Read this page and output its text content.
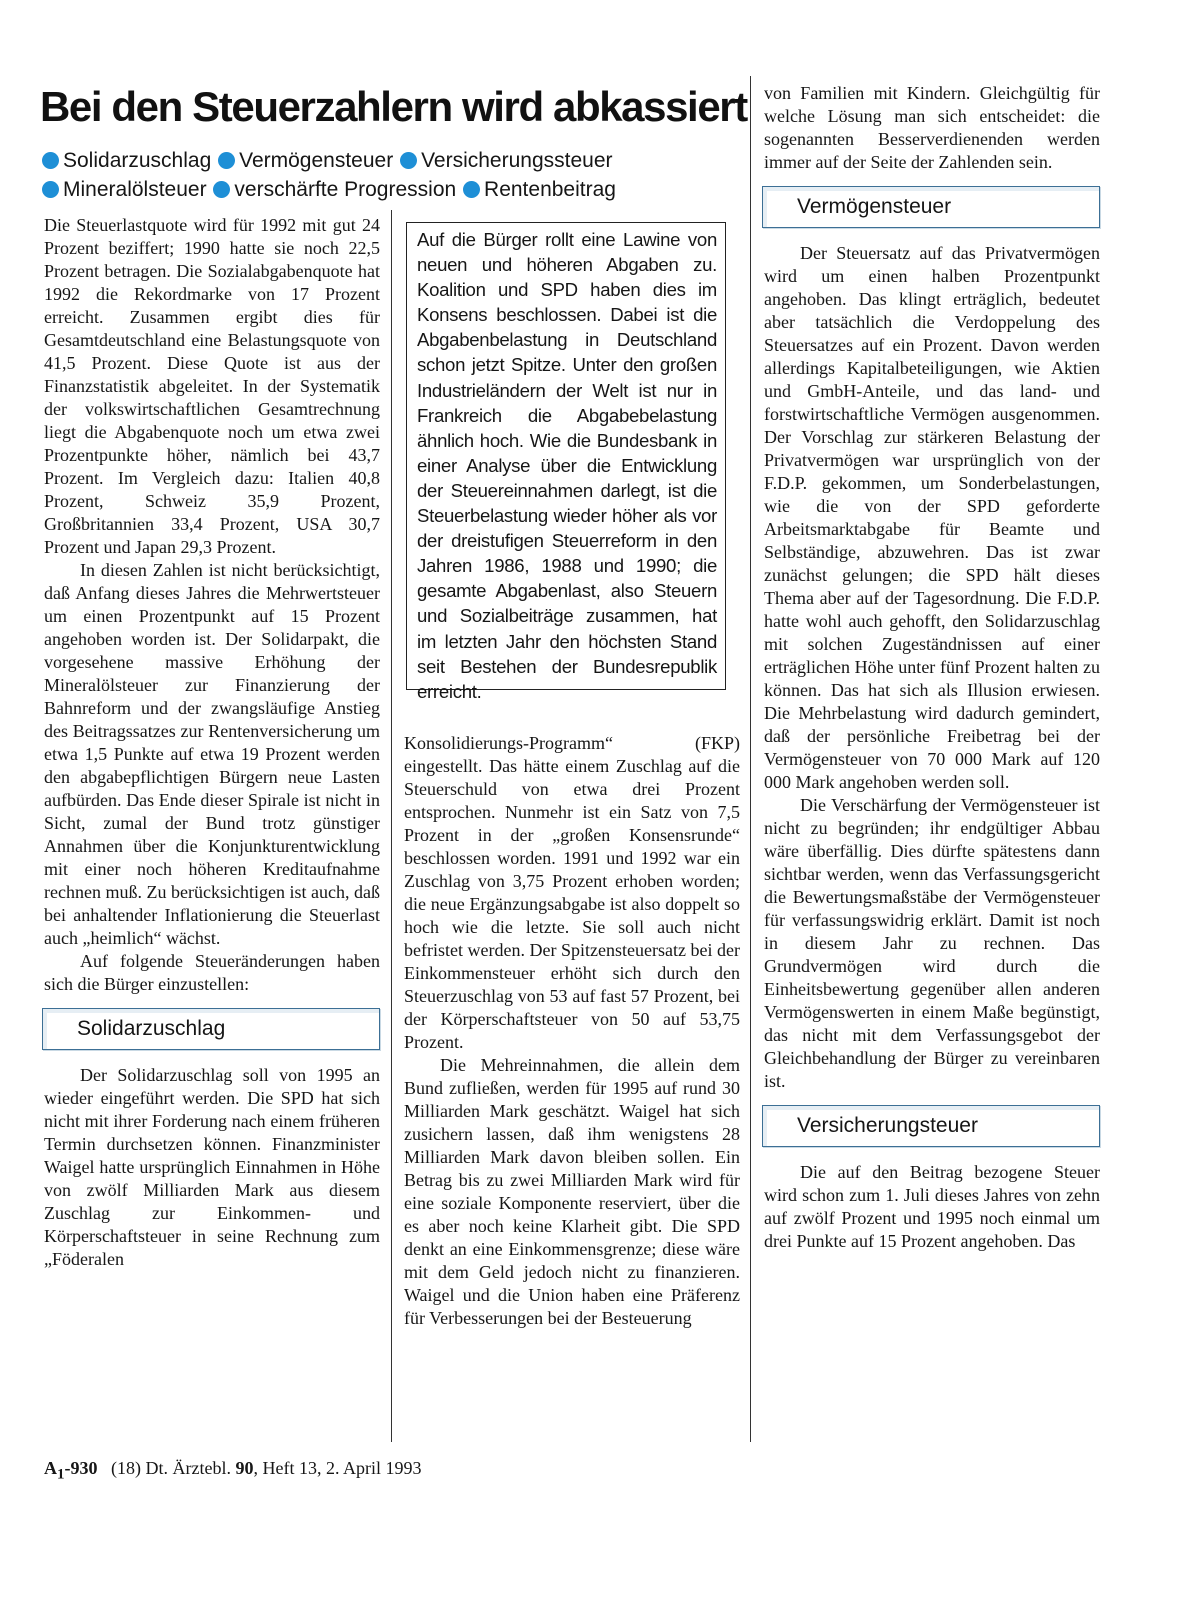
Bei den Steuerzahlern wird abkassiert
Solidarzuschlag Vermögensteuer Versicherungssteuer
Mineralölsteuer verschärfte Progression Rentenbeitrag

Die Steuerlastquote wird für 1992 mit gut 24 Prozent beziffert; 1990 hatte sie noch 22,5 Prozent betragen. Die Sozialabgabenquote hat 1992 die Rekordmarke von 17 Prozent erreicht. Zusammen ergibt dies für Gesamtdeutschland eine Belastungsquote von 41,5 Prozent. Diese Quote ist aus der Finanzstatistik abgeleitet. In der Systematik der volkswirtschaftlichen Gesamtrechnung liegt die Abgabenquote noch um etwa zwei Prozentpunkte höher, nämlich bei 43,7 Prozent. Im Vergleich dazu: Italien 40,8 Prozent, Schweiz 35,9 Prozent, Großbritannien 33,4 Prozent, USA 30,7 Prozent und Japan 29,3 Prozent.

In diesen Zahlen ist nicht berücksichtigt, daß Anfang dieses Jahres die Mehrwertsteuer um einen Prozentpunkt auf 15 Prozent angehoben worden ist. Der Solidarpakt, die vorgesehene massive Erhöhung der Mineralölsteuer zur Finanzierung der Bahnreform und der zwangsläufige Anstieg des Beitragssatzes zur Rentenversicherung um etwa 1,5 Punkte auf etwa 19 Prozent werden den abgabepflichtigen Bürgern neue Lasten aufbürden. Das Ende dieser Spirale ist nicht in Sicht, zumal der Bund trotz günstiger Annahmen über die Konjunkturentwicklung mit einer noch höheren Kreditaufnahme rechnen muß. Zu berücksichtigen ist auch, daß bei anhaltender Inflationierung die Steuerlast auch „heimlich“ wächst.

Auf folgende Steueränderungen haben sich die Bürger einzustellen:

Solidarzuschlag

Der Solidarzuschlag soll von 1995 an wieder eingeführt werden. Die SPD hat sich nicht mit ihrer Forderung nach einem früheren Termin durchsetzen können. Finanzminister Waigel hatte ursprünglich Einnahmen in Höhe von zwölf Milliarden Mark aus diesem Zuschlag zur Einkommen- und Körperschaftsteuer in seine Rechnung zum „Föderalen

Auf die Bürger rollt eine Lawine von neuen und höheren Abgaben zu. Koalition und SPD haben dies im Konsens beschlossen. Dabei ist die Abgabenbelastung in Deutschland schon jetzt Spitze. Unter den großen Industrieländern der Welt ist nur in Frankreich die Abgabebelastung ähnlich hoch. Wie die Bundesbank in einer Analyse über die Entwicklung der Steuereinnahmen darlegt, ist die Steuerbelastung wieder höher als vor der dreistufigen Steuerreform in den Jahren 1986, 1988 und 1990; die gesamte Abgabenlast, also Steuern und Sozialbeiträge zusammen, hat im letzten Jahr den höchsten Stand seit Bestehen der Bundesrepublik erreicht.

Konsolidierungs-Programm“ (FKP) eingestellt. Das hätte einem Zuschlag auf die Steuerschuld von etwa drei Prozent entsprochen. Nunmehr ist ein Satz von 7,5 Prozent in der „großen Konsensrunde“ beschlossen worden. 1991 und 1992 war ein Zuschlag von 3,75 Prozent erhoben worden; die neue Ergänzungsabgabe ist also doppelt so hoch wie die letzte. Sie soll auch nicht befristet werden. Der Spitzensteuersatz bei der Einkommensteuer erhöht sich durch den Steuerzuschlag von 53 auf fast 57 Prozent, bei der Körperschaftsteuer von 50 auf 53,75 Prozent.

Die Mehreinnahmen, die allein dem Bund zufließen, werden für 1995 auf rund 30 Milliarden Mark geschätzt. Waigel hat sich zusichern lassen, daß ihm wenigstens 28 Milliarden Mark davon bleiben sollen. Ein Betrag bis zu zwei Milliarden Mark wird für eine soziale Komponente reserviert, über die es aber noch keine Klarheit gibt. Die SPD denkt an eine Einkommensgrenze; diese wäre mit dem Geld jedoch nicht zu finanzieren. Waigel und die Union haben eine Präferenz für Verbesserungen bei der Besteuerung

von Familien mit Kindern. Gleichgültig für welche Lösung man sich entscheidet: die sogenannten Besserverdienenden werden immer auf der Seite der Zahlenden sein.

Vermögensteuer

Der Steuersatz auf das Privatvermögen wird um einen halben Prozentpunkt angehoben. Das klingt erträglich, bedeutet aber tatsächlich die Verdoppelung des Steuersatzes auf ein Prozent. Davon werden allerdings Kapitalbeteiligungen, wie Aktien und GmbH-Anteile, und das land- und forstwirtschaftliche Vermögen ausgenommen. Der Vorschlag zur stärkeren Belastung der Privatvermögen war ursprünglich von der F.D.P. gekommen, um Sonderbelastungen, wie die von der SPD geforderte Arbeitsmarktabgabe für Beamte und Selbständige, abzuwehren. Das ist zwar zunächst gelungen; die SPD hält dieses Thema aber auf der Tagesordnung. Die F.D.P. hatte wohl auch gehofft, den Solidarzuschlag mit solchen Zugeständnissen auf einer erträglichen Höhe unter fünf Prozent halten zu können. Das hat sich als Illusion erwiesen. Die Mehrbelastung wird dadurch gemindert, daß der persönliche Freibetrag bei der Vermögensteuer von 70 000 Mark auf 120 000 Mark angehoben werden soll.

Die Verschärfung der Vermögensteuer ist nicht zu begründen; ihr endgültiger Abbau wäre überfällig. Dies dürfte spätestens dann sichtbar werden, wenn das Verfassungsgericht die Bewertungsmaßstäbe der Vermögensteuer für verfassungswidrig erklärt. Damit ist noch in diesem Jahr zu rechnen. Das Grundvermögen wird durch die Einheitsbewertung gegenüber allen anderen Vermögenswerten in einem Maße begünstigt, das nicht mit dem Verfassungsgebot der Gleichbehandlung der Bürger zu vereinbaren ist.

Versicherungsteuer

Die auf den Beitrag bezogene Steuer wird schon zum 1. Juli dieses Jahres von zehn auf zwölf Prozent und 1995 noch einmal um drei Punkte auf 15 Prozent angehoben. Das

$A_1-930$ (18) Dt. Ärztebl. 90, Heft 13, 2. April 1993
